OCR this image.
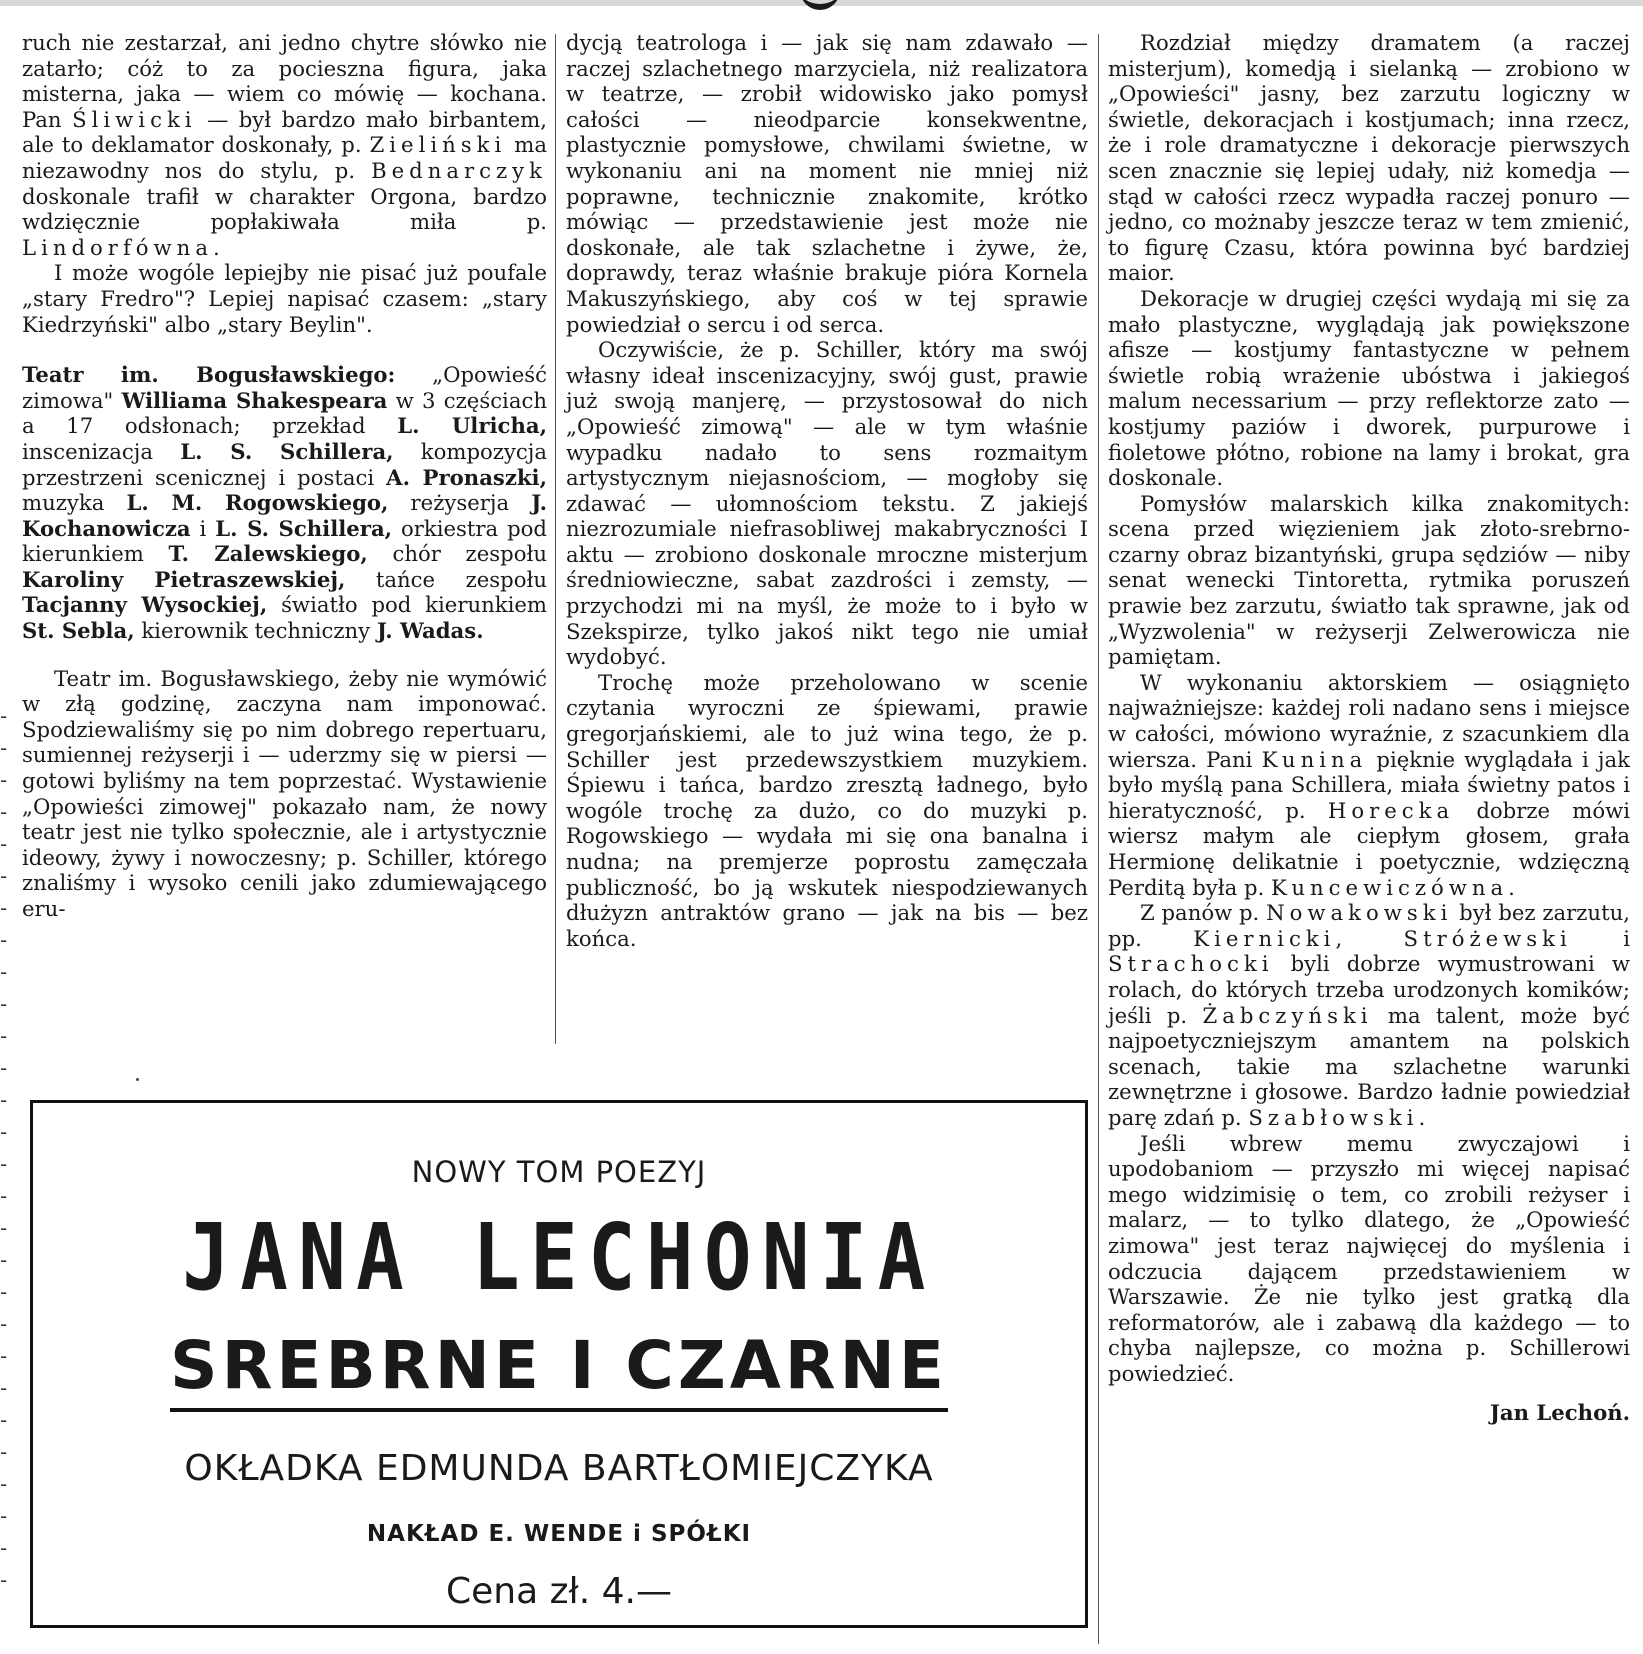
-
-
-
-
-
-
-
-
-
-
-
-
-
-
-
-
-
-
-
-
-
-
-
-
-
-
-
-

ruch nie zestarzał, ani jedno chytre słówko nie zatarło; cóż to za pocieszna figura, jaka misterna, jaka — wiem co mówię — kochana. Pan Śliwicki — był bardzo mało birbantem, ale to deklamator doskonały, p. Zieliński ma niezawodny nos do stylu, p. Bednarczyk doskonale trafił w charakter Orgona, bardzo wdzięcznie popłakiwała miła p. Lindorfówna.

I może wogóle lepiejby nie pisać już poufale „stary Fredro"? Lepiej napisać czasem: „stary Kiedrzyński" albo „stary Beylin".

Teatr im. Bogusławskiego: „Opowieść zimowa" Williama Shakespeara w 3 częściach a 17 odsłonach; przekład L. Ulricha, inscenizacja L. S. Schillera, kompozycja przestrzeni scenicznej i postaci A. Pronaszki, muzyka L. M. Rogowskiego, reżyserja J. Kochanowicza i L. S. Schillera, orkiestra pod kierunkiem T. Zalewskiego, chór zespołu Karoliny Pietraszewskiej, tańce zespołu Tacjanny Wysockiej, światło pod kierunkiem St. Sebla, kierownik techniczny J. Wadas.

Teatr im. Bogusławskiego, żeby nie wymówić w złą godzinę, zaczyna nam imponować. Spodziewaliśmy się po nim dobrego repertuaru, sumiennej reżyserji i — uderzmy się w piersi — gotowi byliśmy na tem poprzestać. Wystawienie „Opowieści zimowej" pokazało nam, że nowy teatr jest nie tylko społecznie, ale i artystycznie ideowy, żywy i nowoczesny; p. Schiller, którego znaliśmy i wysoko cenili jako zdumiewającego eru-

dycją teatrologa i — jak się nam zdawało — raczej szlachetnego marzyciela, niż realizatora w teatrze, — zrobił widowisko jako pomysł całości — nieodparcie konsekwentne, plastycznie pomysłowe, chwilami świetne, w wykonaniu ani na moment nie mniej niż poprawne, technicznie znakomite, krótko mówiąc — przedstawienie jest może nie doskonałe, ale tak szlachetne i żywe, że, doprawdy, teraz właśnie brakuje pióra Kornela Makuszyńskiego, aby coś w tej sprawie powiedział o sercu i od serca.

Oczywiście, że p. Schiller, który ma swój własny ideał inscenizacyjny, swój gust, prawie już swoją manjerę, — przystosował do nich „Opowieść zimową" — ale w tym właśnie wypadku nadało to sens rozmaitym artystycznym niejasnościom, — mogłoby się zdawać — ułomnościom tekstu. Z jakiejś niezrozumiale niefrasobliwej makabryczności I aktu — zrobiono doskonale mroczne misterjum średniowieczne, sabat zazdrości i zemsty, — przychodzi mi na myśl, że może to i było w Szekspirze, tylko jakoś nikt tego nie umiał wydobyć.

Trochę może przeholowano w scenie czytania wyroczni ze śpiewami, prawie gregorjańskiemi, ale to już wina tego, że p. Schiller jest przedewszystkiem muzykiem. Śpiewu i tańca, bardzo zresztą ładnego, było wogóle trochę za dużo, co do muzyki p. Rogowskiego — wydała mi się ona banalna i nudna; na premjerze poprostu zamęczała publiczność, bo ją wskutek niespodziewanych dłużyzn antraktów grano — jak na bis — bez końca.

Rozdział między dramatem (a raczej misterjum), komedją i sielanką — zrobiono w „Opowieści" jasny, bez zarzutu logiczny w świetle, dekoracjach i kostjumach; inna rzecz, że i role dramatyczne i dekoracje pierwszych scen znacznie się lepiej udały, niż komedja — stąd w całości rzecz wypadła raczej ponuro — jedno, co możnaby jeszcze teraz w tem zmienić, to figurę Czasu, która powinna być bardziej maior.

Dekoracje w drugiej części wydają mi się za mało plastyczne, wyglądają jak powiększone afisze — kostjumy fantastyczne w pełnem świetle robią wrażenie ubóstwa i jakiegoś malum necessarium — przy reflektorze zato — kostjumy paziów i dworek, purpurowe i fioletowe płótno, robione na lamy i brokat, gra doskonale.

Pomysłów malarskich kilka znakomitych: scena przed więzieniem jak złoto-srebrno-czarny obraz bizantyński, grupa sędziów — niby senat wenecki Tintoretta, rytmika poruszeń prawie bez zarzutu, światło tak sprawne, jak od „Wyzwolenia" w reżyserji Zelwerowicza nie pamiętam.

W wykonaniu aktorskiem — osiągnięto najważniejsze: każdej roli nadano sens i miejsce w całości, mówiono wyraźnie, z szacunkiem dla wiersza. Pani Kunina pięknie wyglądała i jak było myślą pana Schillera, miała świetny patos i hieratyczność, p. Horecka dobrze mówi wiersz małym ale ciepłym głosem, grała Hermionę delikatnie i poetycznie, wdzięczną Perditą była p. Kuncewiczówna.

Z panów p. Nowakowski był bez zarzutu, pp. Kiernicki, Stróżewski i Strachocki byli dobrze wymustrowani w rolach, do których trzeba urodzonych komików; jeśli p. Żabczyński ma talent, może być najpoetyczniejszym amantem na polskich scenach, takie ma szlachetne warunki zewnętrzne i głosowe. Bardzo ładnie powiedział parę zdań p. Szabłowski.

Jeśli wbrew memu zwyczajowi i upodobaniom — przyszło mi więcej napisać mego widzimisię o tem, co zrobili reżyser i malarz, — to tylko dlatego, że „Opowieść zimowa" jest teraz najwięcej do myślenia i odczucia dającem przedstawieniem w Warszawie. Że nie tylko jest gratką dla reformatorów, ale i zabawą dla każdego — to chyba najlepsze, co można p. Schillerowi powiedzieć.

Jan Lechoń.

NOWY TOM POEZYJ
JANA LECHONIA
SREBRNE I CZARNE
OKŁADKA EDMUNDA BARTŁOMIEJCZYKA
NAKŁAD E. WENDE i SPÓŁKI
Cena zł. 4.—
